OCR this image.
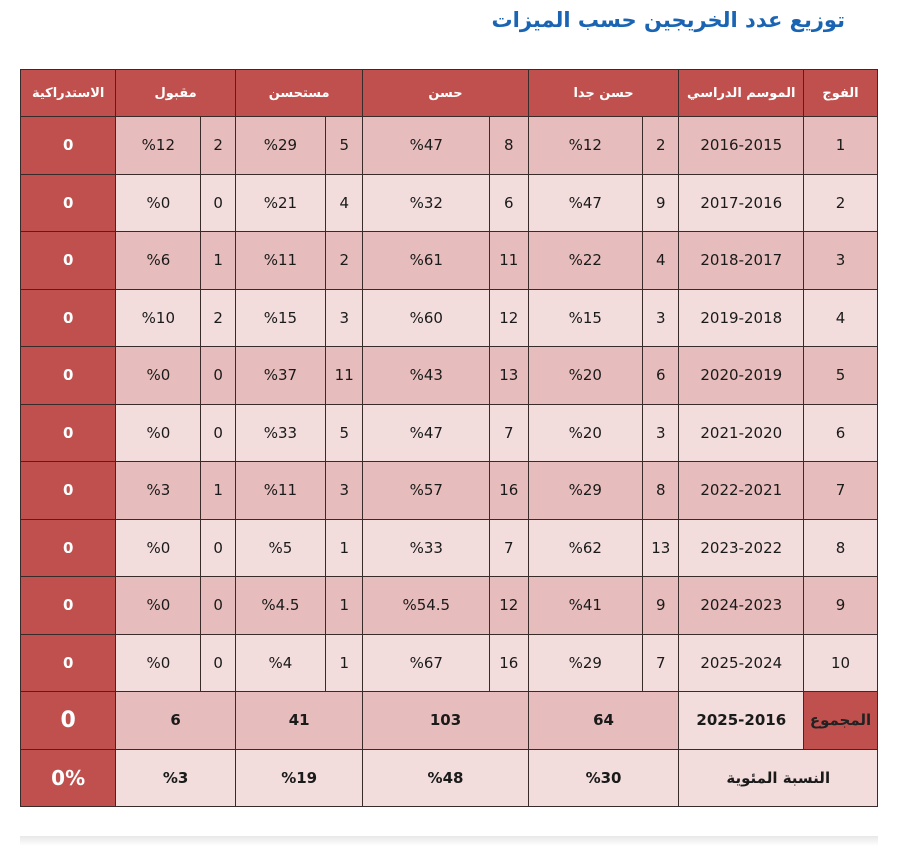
توزيع عدد الخريجين حسب الميزات
الفوج	الموسم الدراسي	حسن جدا		حسن		مستحسن		مقبول		الاستدراكية
1	2016-2015	2	%12	8	%47	5	%29	2	%12	0
2	2017-2016	9	%47	6	%32	4	%21	0	%0	0
3	2018-2017	4	%22	11	%61	2	%11	1	%6	0
4	2019-2018	3	%15	12	%60	3	%15	2	%10	0
5	2020-2019	6	%20	13	%43	11	%37	0	%0	0
6	2021-2020	3	%20	7	%47	5	%33	0	%0	0
7	2022-2021	8	%29	16	%57	3	%11	1	%3	0
8	2023-2022	13	%62	7	%33	1	%5	0	%0	0
9	2024-2023	9	%41	12	%54.5	1	%4.5	0	%0	0
10	2025-2024	7	%29	16	%67	1	%4	0	%0	0
المجموع	2025-2016	64		103		41		6		0
النسبة المئوية		%30		%48		%19		%3		0%
